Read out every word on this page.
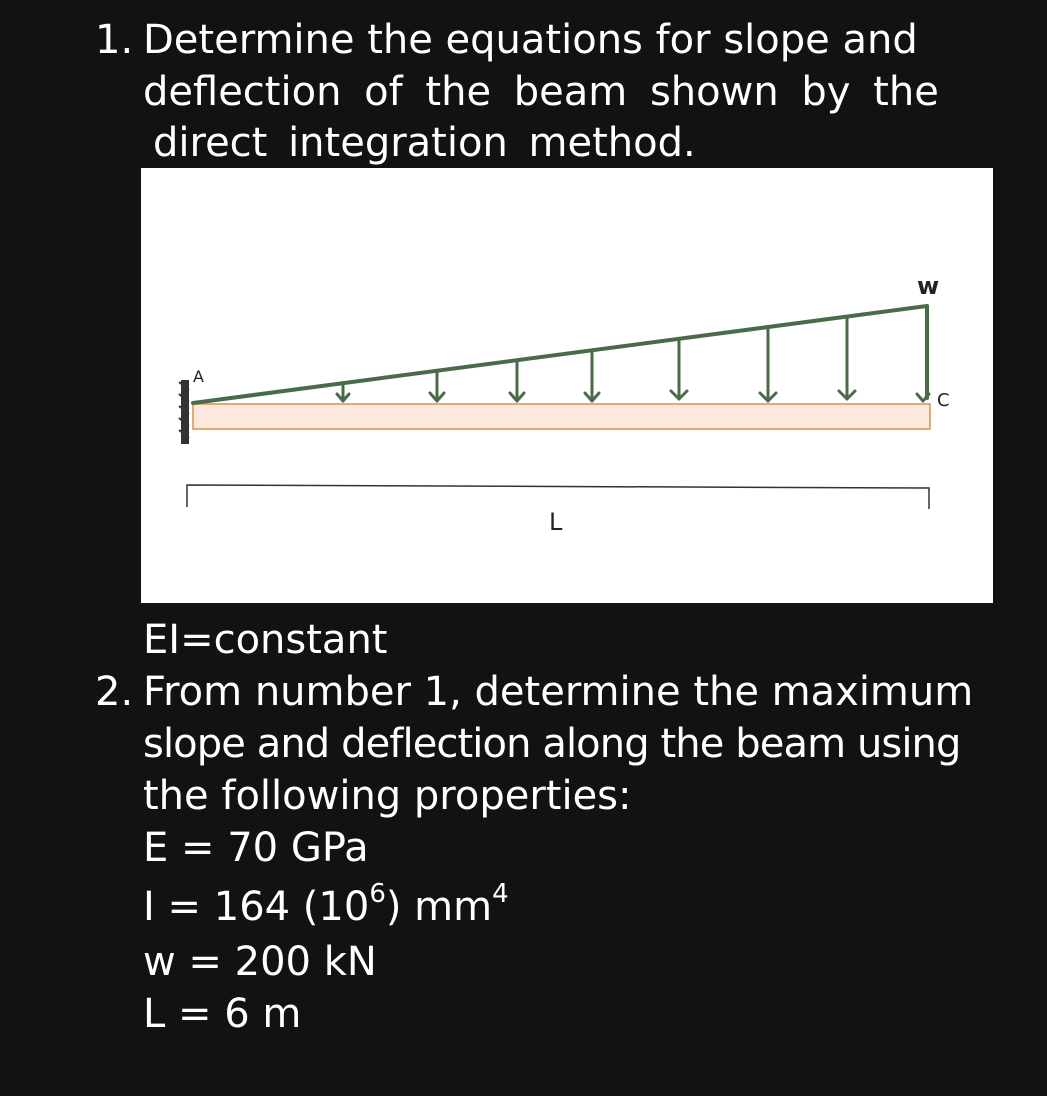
1. Determine the equations for slope and
deflection of the beam shown by the
direct integration method.
A
C
w
L
EI=constant
2. From number 1, determine the maximum
slope and deflection along the beam using
the following properties:
E = 70 GPa
I = 164 $(10^6)$ $mm^4$
w = 200 kN
L = 6 m
